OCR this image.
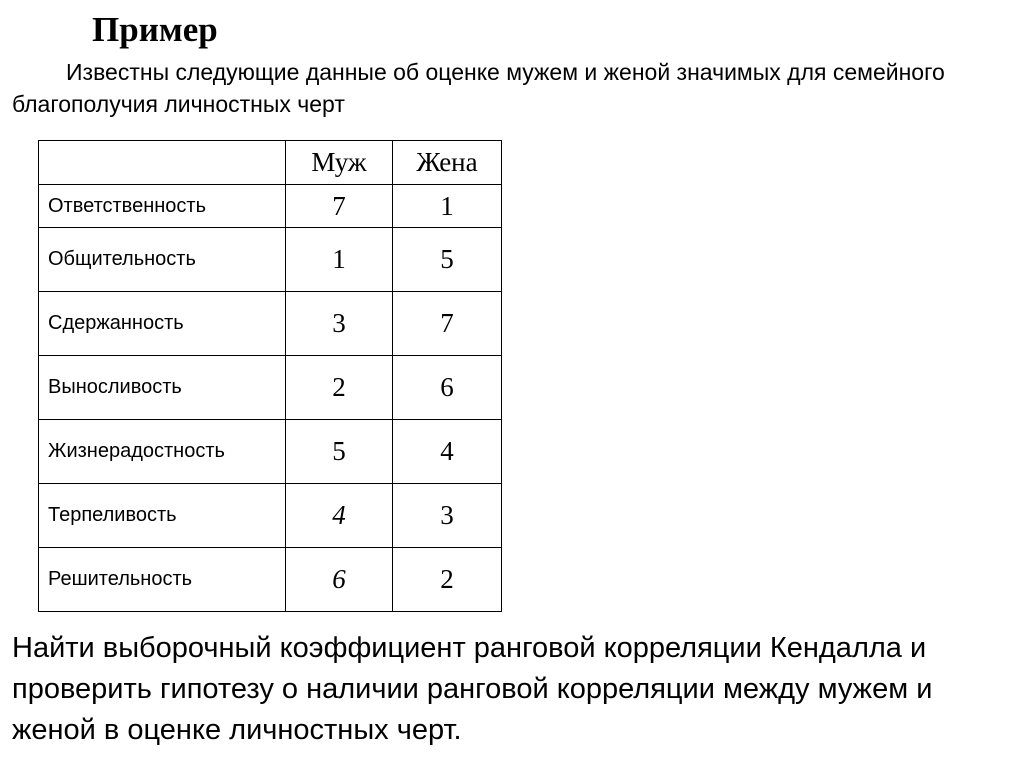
Пример

Известны следующие данные об оценке мужем и женой значимых для семейного благополучия личностных черт

	Муж	Жена
Ответственность	7	1
Общительность	1	5
Сдержанность	3	7
Выносливость	2	6
Жизнерадостность	5	4
Терпеливость	4	3
Решительность	6	2

Найти выборочный коэффициент ранговой корреляции Кендалла и проверить гипотезу о наличии ранговой корреляции между мужем и женой в оценке личностных черт.
